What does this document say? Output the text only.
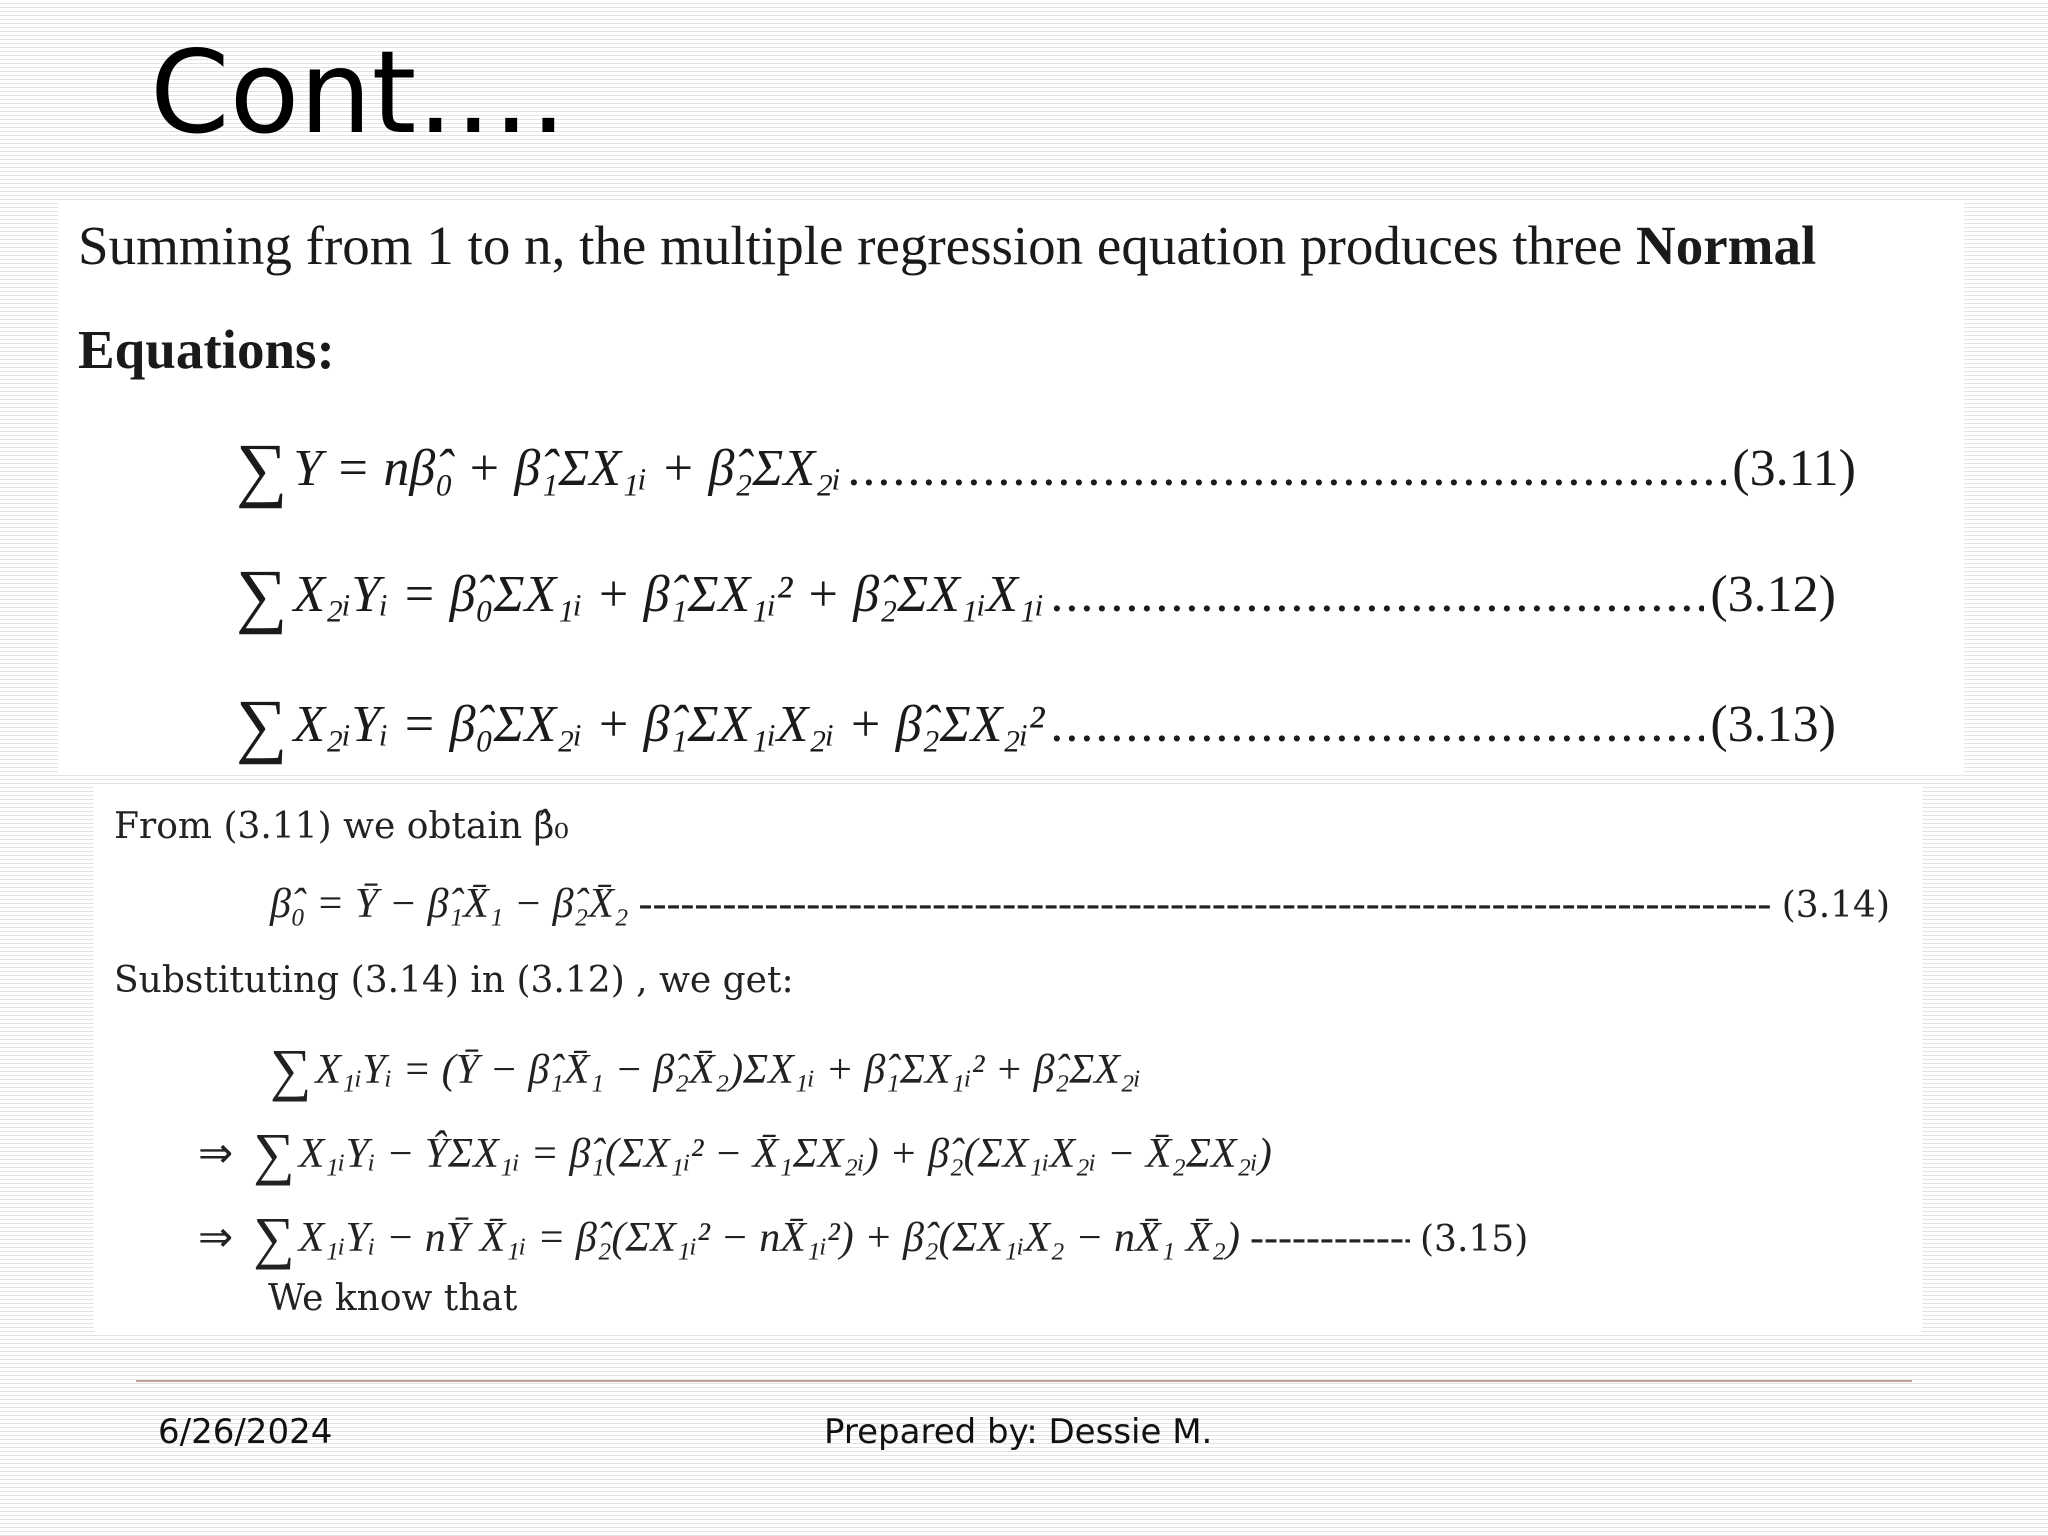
Cont….
Summing from 1 to n, the multiple regression equation produces three Normal
Equations:
∑ Y = nβ̂₀ + β̂₁ΣX₁ᵢ + β̂₂ΣX₂ᵢ .....	(3.11)
∑ X₂ᵢYᵢ = β̂₀ΣX₁ᵢ + β̂₁ΣX₁ᵢ² + β̂₂ΣX₁ᵢX₁ᵢ .....	(3.12)
∑ X₂ᵢYᵢ = β̂₀ΣX₂ᵢ + β̂₁ΣX₁ᵢX₂ᵢ + β̂₂ΣX₂ᵢ² .....	(3.13)
From (3.11) we obtain β̂₀
β̂₀ = Ȳ − β̂₁X̄₁ − β̂₂X̄₂ -----	(3.14)
Substituting (3.14) in (3.12) , we get:
∑ X₁ᵢYᵢ = (Ȳ − β̂₁X̄₁ − β̂₂X̄₂)ΣX₁ᵢ + β̂₁ΣX₁ᵢ² + β̂₂ΣX₂ᵢ
⇒ ∑ X₁ᵢYᵢ − ŶΣX₁ᵢ = β̂₁(ΣX₁ᵢ² − X̄₁ΣX₂ᵢ) + β̂₂(ΣX₁ᵢX₂ᵢ − X̄₂ΣX₂ᵢ)
⇒ ∑ X₁ᵢYᵢ − nȲ X̄₁ᵢ = β̂₂(ΣX₁ᵢ² − nX̄₁ᵢ²) + β̂₂(ΣX₁ᵢX₂ − nX̄₁ X̄₂) -----	(3.15)
We know that
6/26/2024	Prepared by: Dessie M.
